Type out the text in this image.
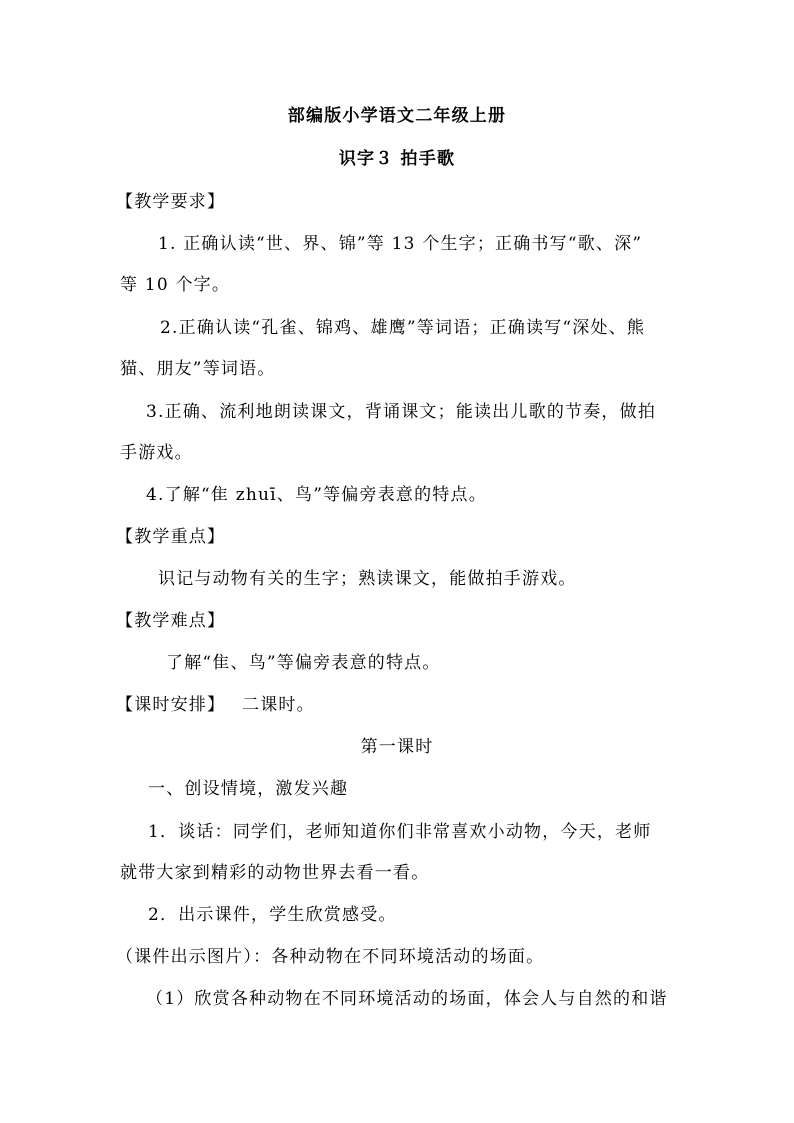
部编版小学语文二年级上册
识字３ 拍手歌
【教学要求】
1. 正确认读“世、界、锦”等 13 个生字；正确书写“歌、深”
等 10 个字。
2.正确认读“孔雀、锦鸡、雄鹰”等词语；正确读写“深处、熊
猫、朋友”等词语。
3.正确、流利地朗读课文，背诵课文；能读出儿歌的节奏，做拍
手游戏。
4.了解“隹 zhuī、鸟”等偏旁表意的特点。
【教学重点】
识记与动物有关的生字；熟读课文，能做拍手游戏。
【教学难点】
了解“隹、鸟”等偏旁表意的特点。
【课时安排】 二课时。
第一课时
一、创设情境，激发兴趣
1．谈话：同学们，老师知道你们非常喜欢小动物，今天，老师
就带大家到精彩的动物世界去看一看。
2．出示课件，学生欣赏感受。
（课件出示图片）：各种动物在不同环境活动的场面。
（1）欣赏各种动物在不同环境活动的场面，体会人与自然的和谐
